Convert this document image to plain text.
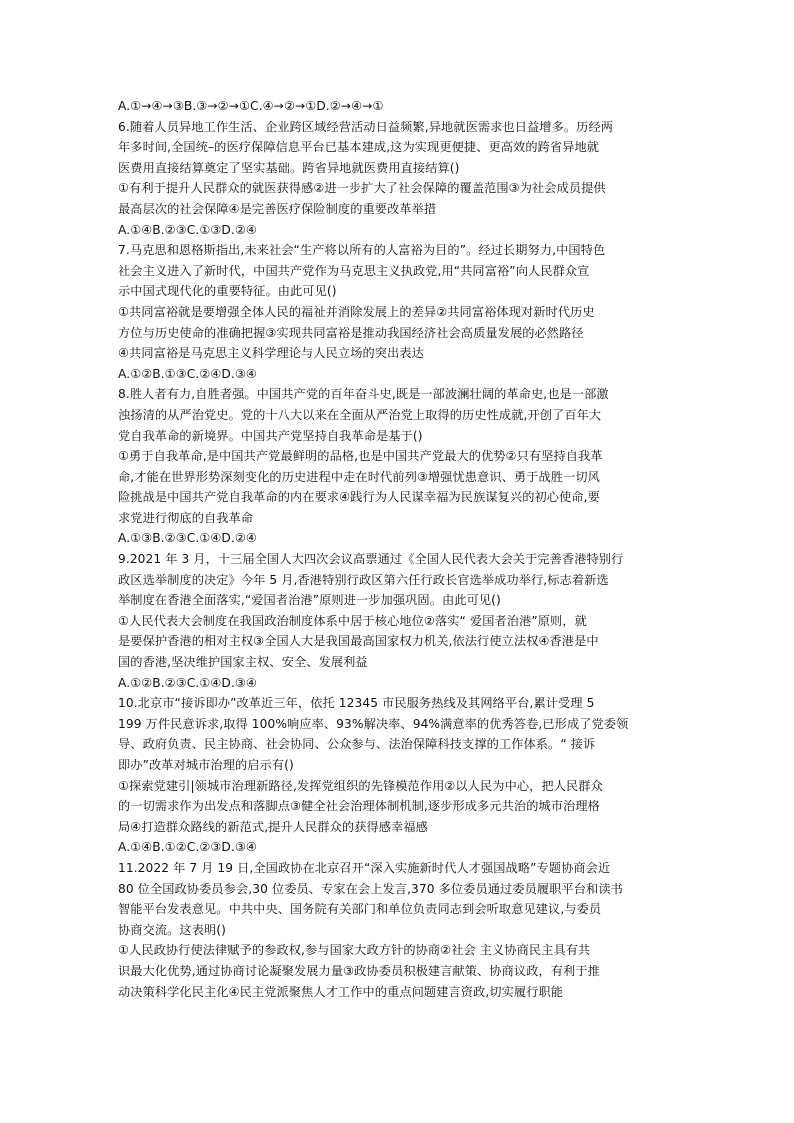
A.①→④→③B.③→②→①C.④→②→①D.②→④→①
6.随着人员异地工作生活、企业跨区域经营活动日益频繁,异地就医需求也日益增多。历经两
年多时间,全国统–的医疗保障信息平台已基本建成,这为实现更便捷、更高效的跨省异地就
医费用直接结算奠定了坚实基础。跨省异地就医费用直接结算()
①有利于提升人民群众的就医获得感②进一步扩大了社会保障的覆盖范围③为社会成员提供
最高层次的社会保障④是完善医疗保险制度的重要改革举措
A.①④B.②③C.①③D.②④
7.马克思和恩格斯指出,未来社会“生产将以所有的人富裕为目的”。经过长期努力,中国特色
社会主义进入了新时代，中国共产党作为马克思主义执政党,用“共同富裕”向人民群众宣
示中国式现代化的重要特征。由此可见()
①共同富裕就是要增强全体人民的福祉并消除发展上的差异②共同富裕体现对新时代历史
方位与历史使命的准确把握③实现共同富裕是推动我国经济社会高质量发展的必然路径
④共同富裕是马克思主义科学理论与人民立场的突出表达
A.①②B.①③C.②④D.③④
8.胜人者有力,自胜者强。中国共产党的百年奋斗史,既是一部波澜壮阔的革命史,也是一部激
浊扬清的从严治党史。党的十八大以来在全面从严治党上取得的历史性成就,开创了百年大
党自我革命的新境界。中国共产党坚持自我革命是基于()
①勇于自我革命,是中国共产党最鲜明的品格,也是中国共产党最大的优势②只有坚持自我革
命,才能在世界形势深刻变化的历史进程中走在时代前列③增强忧患意识、勇于战胜一切风
险挑战是中国共产党自我革命的内在要求④践行为人民谋幸福为民族谋复兴的初心使命,要
求党进行彻底的自我革命
A.①③B.②③C.①④D.②④
9.2021 年 3 月，十三届全国人大四次会议高票通过《全国人民代表大会关于完善香港特别行
政区选举制度的决定》今年 5 月,香港特别行政区第六任行政长官选举成功举行,标志着新选
举制度在香港全面落实,“爱国者治港”原则进一步加强巩固。由此可见()
①人民代表大会制度在我国政治制度体系中居于核心地位②落实“ 爱国者治港”原则，就
是要保护香港的相对主权③全国人大是我国最高国家权力机关,依法行使立法权④香港是中
国的香港,坚决维护国家主权、安全、发展利益
A.①②B.②③C.①④D.③④
10.北京市“接诉即办”改革近三年，依托 12345 市民服务热线及其网络平台,累计受理 5
199 万件民意诉求,取得 100%响应率、93%解决率、94%满意率的优秀答卷,已形成了党委领
导、政府负责、民主协商、社会协同、公众参与、法治保障科技支撑的工作体系。“ 接诉
即办”改革对城市治理的启示有()
①探索党建引|领城市治理新路径,发挥党组织的先锋模范作用②以人民为中心，把人民群众
的一切需求作为出发点和落脚点③健全社会治理体制机制,逐步形成多元共治的城市治理格
局④打造群众路线的新范式,提升人民群众的获得感幸福感
A.①④B.①②C.②③D.③④
11.2022 年 7 月 19 日,全国政协在北京召开“深入实施新时代人才强国战略”专题协商会近
80 位全国政协委员参会,30 位委员、专家在会上发言,370 多位委员通过委员履职平台和读书
智能平台发表意见。中共中央、国务院有关部门和单位负责同志到会听取意见建议,与委员
协商交流。这表明()
①人民政协行使法律赋予的参政权,参与国家大政方针的协商②社会 主义协商民主具有共
识最大化优势,通过协商讨论凝聚发展力量③政协委员积极建言献策、协商议政，有利于推
动决策科学化民主化④民主党派聚焦人才工作中的重点问题建言资政,切实履行职能
